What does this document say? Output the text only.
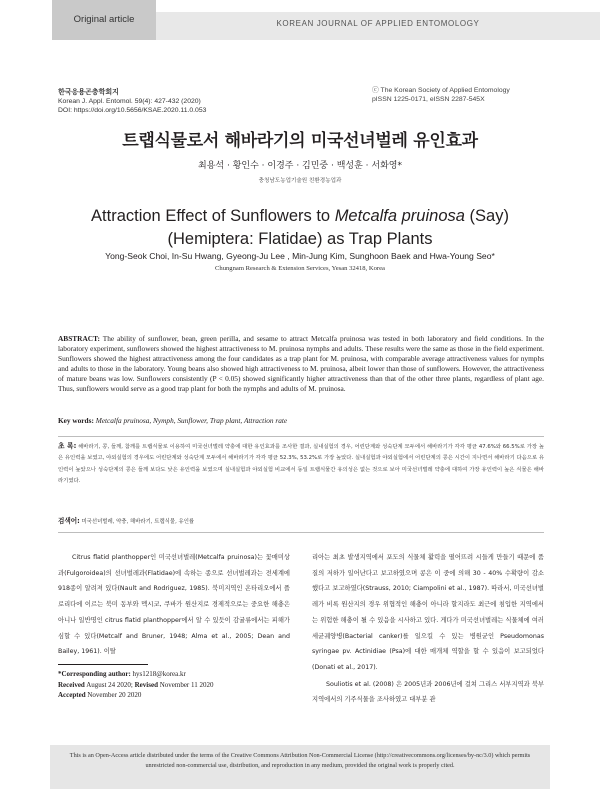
Original article	KOREAN JOURNAL OF APPLIED ENTOMOLOGY
한국응용곤충학회지
Korean J. Appl. Entomol. 59(4): 427-432 (2020)
DOI: https://doi.org/10.5656/KSAE.2020.11.0.053
ⓒ The Korean Society of Applied Entomology
pISSN 1225-0171, eISSN 2287-545X
트랩식물로서 해바라기의 미국선녀벌레 유인효과
최용석 · 황인수 · 이경주 · 김민중 · 백성훈 · 서화영*
충청남도농업기술원 친환경농업과
Attraction Effect of Sunflowers to Metcalfa pruinosa (Say) (Hemiptera: Flatidae) as Trap Plants
Yong-Seok Choi, In-Su Hwang, Gyeong-Ju Lee , Min-Jung Kim, Sunghoon Baek and Hwa-Young Seo*
Chungnam Research & Extension Services, Yesan 32418, Korea
ABSTRACT: The ability of sunflower, bean, green perilla, and sesame to attract Metcalfa pruinosa was tested in both laboratory and field conditions. In the laboratory experiment, sunflowers showed the highest attractiveness to M. pruinosa nymphs and adults. These results were the same as those in the field experiment. Sunflowers showed the highest attractiveness among the four candidates as a trap plant for M. pruinosa, with comparable average attractiveness values for nymphs and adults to those in the laboratory. Young beans also showed high attractiveness to M. pruinosa, albeit lower than those of sunflowers. However, the attractiveness of mature beans was low. Sunflowers consistently (P < 0.05) showed significantly higher attractiveness than that of the other three plants, regardless of plant age. Thus, sunflowers would serve as a good trap plant for both the nymphs and adults of M. pruinosa.
Key words: Metcalfa pruinosa, Nymph, Sunflower, Trap plant, Attraction rate
초 록: 해바라기, 콩, 들깨, 참깨를 트랩식물로 이용하여 미국선녀벌레 약충에 대한 유인효과를 조사한 결과, 실내실험의 경우, 어린단계와 성숙단계 모두에서 해바라기가 각각 평균 47.6%와 66.5%로 가장 높은 유인력을 보였고, 야외실험의 경우에도 어린단계와 성숙단계 모두에서 해바라기가 각각 평균 52.3%, 53.2%로 가장 높았다. 실내실험과 야외실험에서 어린단계의 콩은 시간이 지나면서 해바라기 다음으로 유인력이 높았으나 성숙단계의 콩은 들깨 보다도 낮은 유인력을 보였으며 실내실험과 야외실험 비교에서 동일 트랩식물간 유의성은 없는 것으로 보아 미국선녀벌레 약충에 대하여 가장 유인력이 높은 식물은 해바라기였다.
검색어: 미국선녀벌레, 약충, 해바라기, 트랩식물, 유인률
Citrus flatid planthopper인 미국선녀벌레(Metcalfa pruinosa)는 꽃매미상과(Fulgoroidea)의 선녀벌레과(Flatidae)에 속하는 종으로 선녀벌레과는 전세계에 918종이 알려져 있다(Nault and Rodriguez, 1985). 북미지역인 온타리오에서 플로리다에 이르는 북미 동부와 멕시코, 쿠바가 원산지로 경제적으로는 중요한 해충은 아니나 일반명인 citrus flatid planthopper에서 알 수 있듯이 감귤류에서는 피해가 심할 수 있다(Metcalf and Bruner, 1948; Alma et al., 2005; Dean and Bailey, 1961). 이탈
리아는 최초 발생지역에서 포도의 식물체 활력을 떨어뜨려 시들게 만들기 때문에 품질의 저하가 일어난다고 보고하였으며 콩은 이 중에 의해 30 - 40% 수확량이 감소 했다고 보고하였다(Strauss, 2010; Ciampolini et al., 1987). 따라서, 미국선녀벌레가 비록 원산지의 경우 위협적인 해충이 아니라 할지라도 최근에 침입한 지역에서는 위험한 해충이 될 수 있음을 시사하고 있다. 게다가 미국선녀벌레는 식물체에 여러 세균궤양병(Bacterial canker)를 일으킬 수 있는 병원균인 Pseudomonas syringae pv. Actinidiae (Psa)에 대한 매개체 역할을 할 수 있음이 보고되었다(Donati et al., 2017).
Souliotis et al. (2008) 은 2005년과 2006년에 걸쳐 그리스 서부지역과 북부지역에서의 기주식물을 조사하였고 대부분 관
*Corresponding author: hys1218@korea.kr
Received August 24 2020; Revised November 11 2020
Accepted November 20 2020
This is an Open-Access article distributed under the terms of the Creative Commons Attribution Non-Commercial License (http://creativecommons.org/licenses/by-nc/3.0) which permits unrestricted non-commercial use, distribution, and reproduction in any medium, provided the original work is properly cited.
